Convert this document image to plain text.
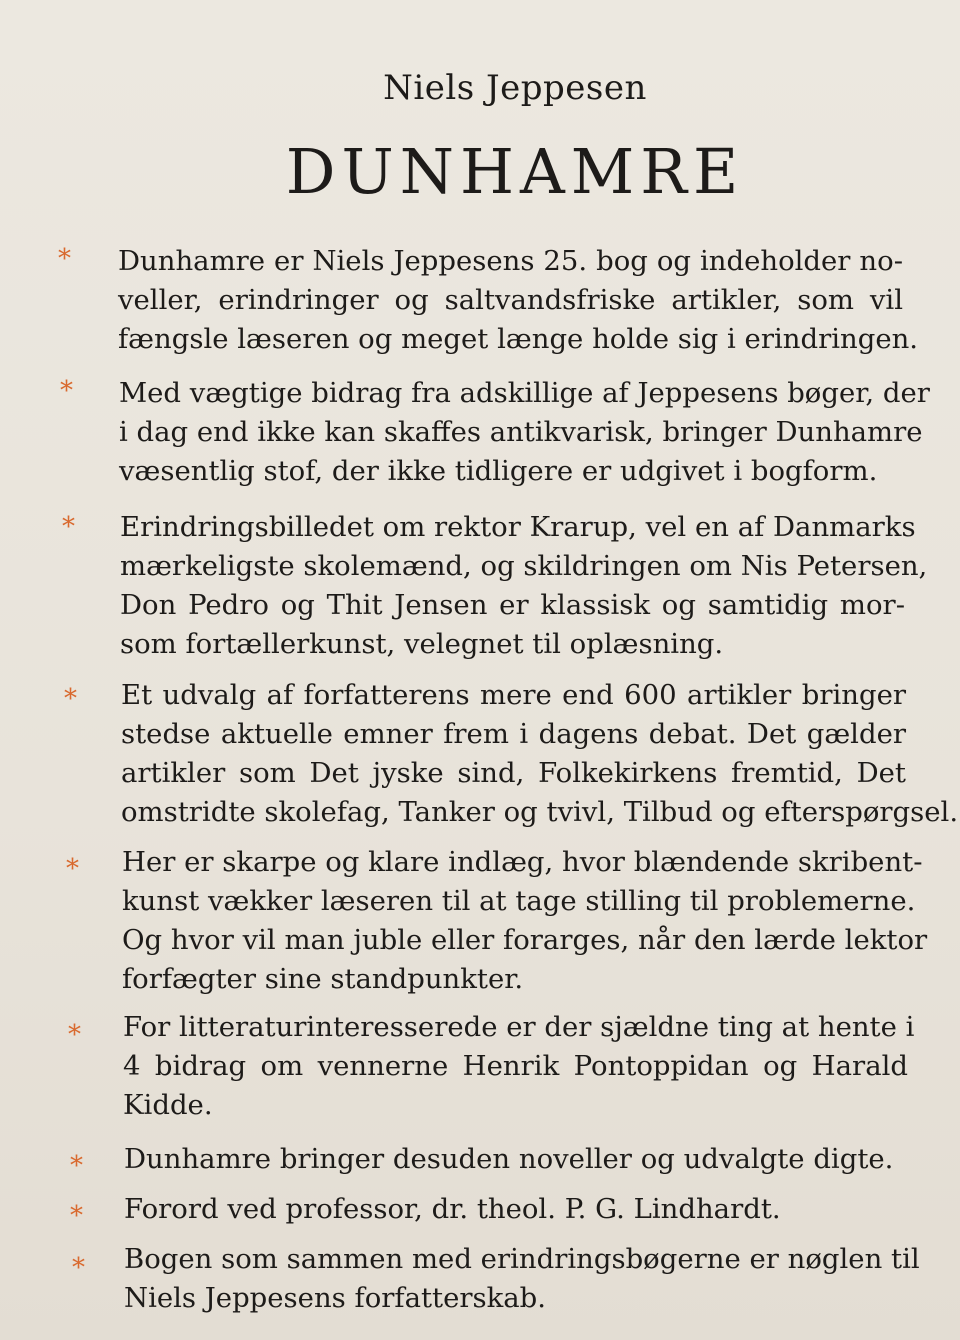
Niels Jeppesen
DUNHAMRE
* Dunhamre er Niels Jeppesens 25. bog og indeholder no-
veller, erindringer og saltvandsfriske artikler, som vil
fængsle læseren og meget længe holde sig i erindringen.
* Med vægtige bidrag fra adskillige af Jeppesens bøger, der
i dag end ikke kan skaffes antikvarisk, bringer Dunhamre
væsentlig stof, der ikke tidligere er udgivet i bogform.
* Erindringsbilledet om rektor Krarup, vel en af Danmarks
mærkeligste skolemænd, og skildringen om Nis Petersen,
Don Pedro og Thit Jensen er klassisk og samtidig mor-
som fortællerkunst, velegnet til oplæsning.
* Et udvalg af forfatterens mere end 600 artikler bringer
stedse aktuelle emner frem i dagens debat. Det gælder
artikler som Det jyske sind, Folkekirkens fremtid, Det
omstridte skolefag, Tanker og tvivl, Tilbud og efterspørgsel.
* Her er skarpe og klare indlæg, hvor blændende skribent-
kunst vækker læseren til at tage stilling til problemerne.
Og hvor vil man juble eller forarges, når den lærde lektor
forfægter sine standpunkter.
* For litteraturinteresserede er der sjældne ting at hente i
4 bidrag om vennerne Henrik Pontoppidan og Harald
Kidde.
* Dunhamre bringer desuden noveller og udvalgte digte.
* Forord ved professor, dr. theol. P. G. Lindhardt.
* Bogen som sammen med erindringsbøgerne er nøglen til
Niels Jeppesens forfatterskab.
